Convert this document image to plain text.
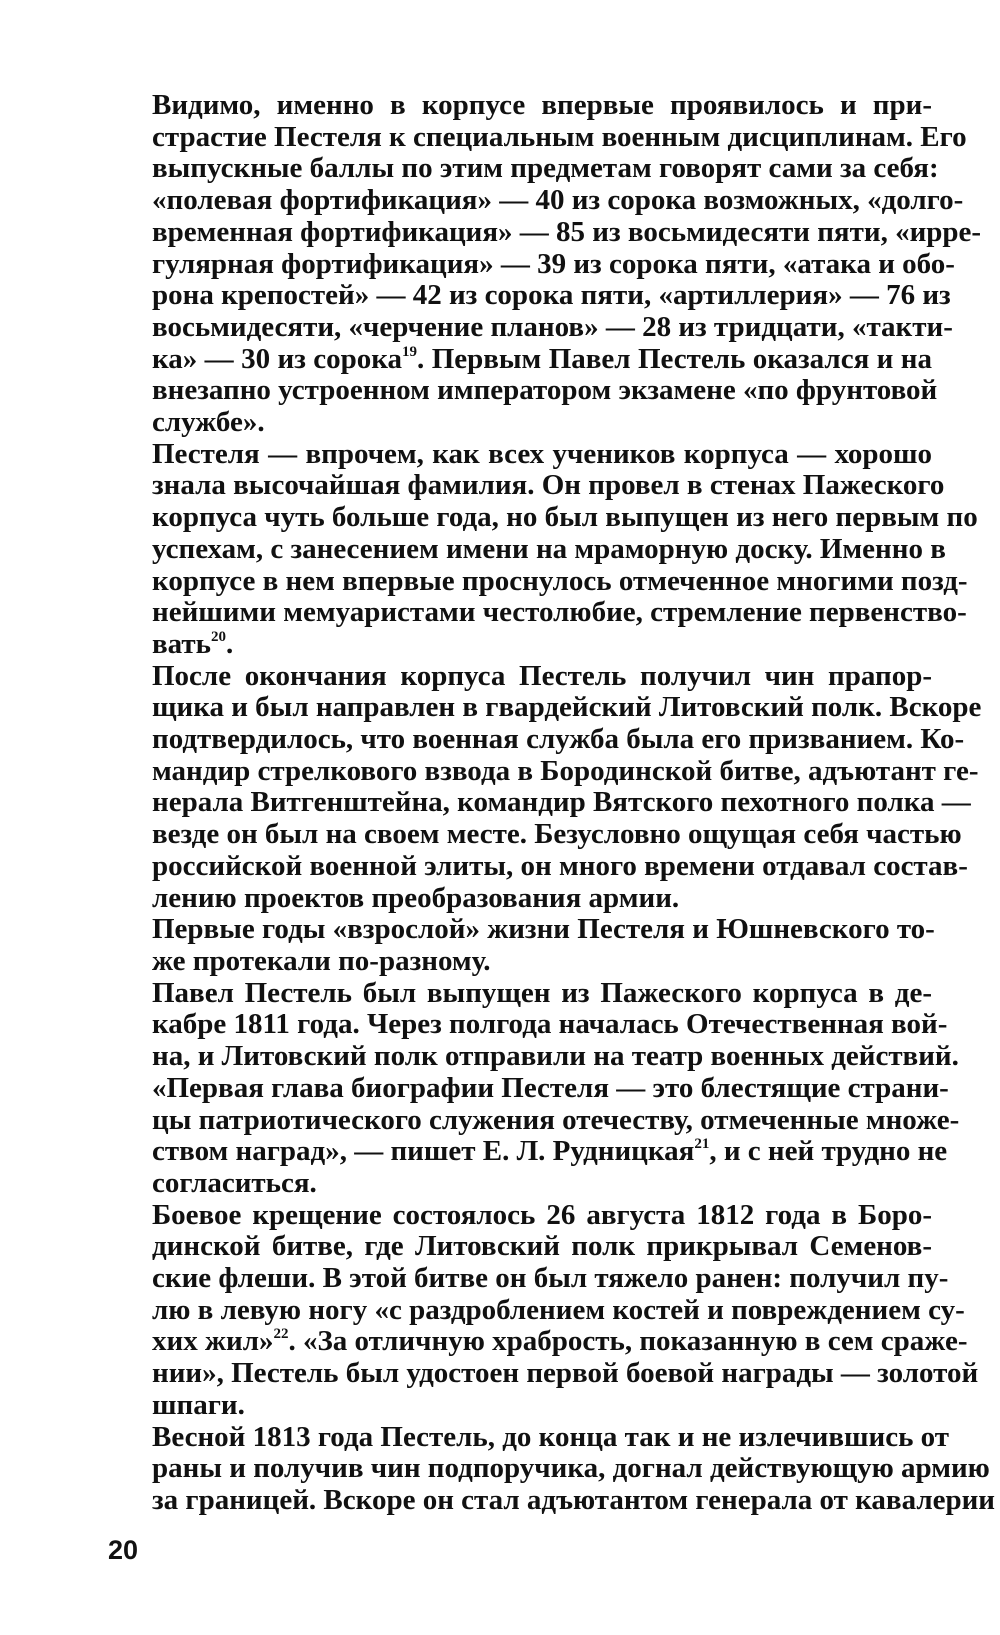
Видимо, именно в корпусе впервые проявилось и при-
страстие Пестеля к специальным военным дисциплинам. Его
выпускные баллы по этим предметам говорят сами за себя:
«полевая фортификация» — 40 из сорока возможных, «долго-
временная фортификация» — 85 из восьмидесяти пяти, «ирре-
гулярная фортификация» — 39 из сорока пяти, «атака и обо-
рона крепостей» — 42 из сорока пяти, «артиллерия» — 76 из
восьмидесяти, «черчение планов» — 28 из тридцати, «такти-
ка» — 30 из сорока$^{19}$. Первым Павел Пестель оказался и на
внезапно устроенном императором экзамене «по фрунтовой
службе».

Пестеля — впрочем, как всех учеников корпуса — хорошо
знала высочайшая фамилия. Он провел в стенах Пажеского
корпуса чуть больше года, но был выпущен из него первым по
успехам, с занесением имени на мраморную доску. Именно в
корпусе в нем впервые проснулось отмеченное многими позд-
нейшими мемуаристами честолюбие, стремление первенство-
вать$^{20}$.

После окончания корпуса Пестель получил чин прапор-
щика и был направлен в гвардейский Литовский полк. Вскоре
подтвердилось, что военная служба была его призванием. Ко-
мандир стрелкового взвода в Бородинской битве, адъютант ге-
нерала Витгенштейна, командир Вятского пехотного полка —
везде он был на своем месте. Безусловно ощущая себя частью
российской военной элиты, он много времени отдавал состав-
лению проектов преобразования армии.

Первые годы «взрослой» жизни Пестеля и Юшневского то-
же протекали по-разному.

Павел Пестель был выпущен из Пажеского корпуса в де-
кабре 1811 года. Через полгода началась Отечественная вой-
на, и Литовский полк отправили на театр военных действий.
«Первая глава биографии Пестеля — это блестящие страни-
цы патриотического служения отечеству, отмеченные множе-
ством наград», — пишет Е. Л. Рудницкая$^{21}$, и с ней трудно не
согласиться.

Боевое крещение состоялось 26 августа 1812 года в Боро-
динской битве, где Литовский полк прикрывал Семенов-
ские флеши. В этой битве он был тяжело ранен: получил пу-
лю в левую ногу «с раздроблением костей и повреждением су-
хих жил»$^{22}$. «За отличную храбрость, показанную в сем сраже-
нии», Пестель был удостоен первой боевой награды — золотой
шпаги.

Весной 1813 года Пестель, до конца так и не излечившись от
раны и получив чин подпоручика, догнал действующую армию
за границей. Вскоре он стал адъютантом генерала от кавалерии

20
